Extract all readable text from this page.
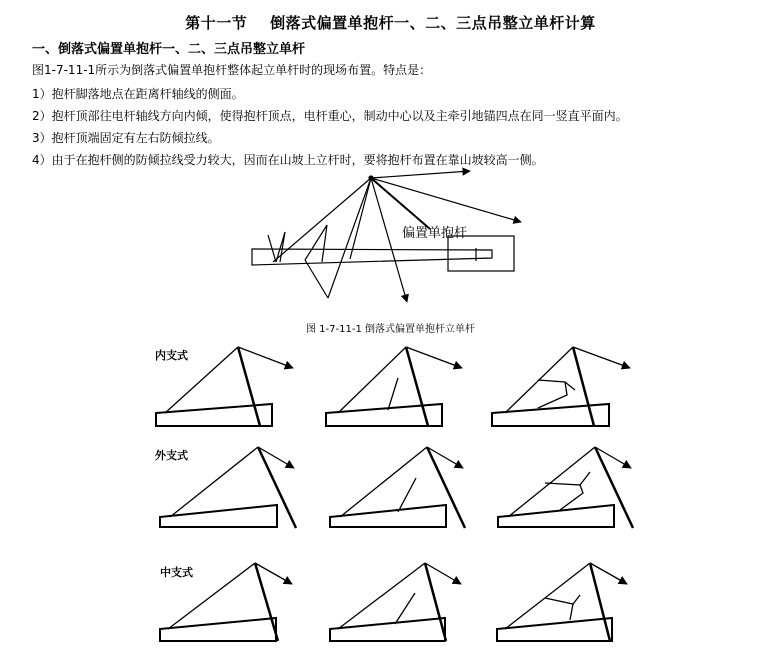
第十一节    倒落式偏置单抱杆一、二、三点吊整立单杆计算
一、倒落式偏置单抱杆一、二、三点吊整立单杆
图1-7-11-1所示为倒落式偏置单抱杆整体起立单杆时的现场布置。特点是：
1）抱杆脚落地点在距离杆轴线的侧面。
2）抱杆顶部往电杆轴线方向内倾，使得抱杆顶点，电杆重心，制动中心以及主牵引地锚四点在同一竖直平面内。
3）抱杆顶端固定有左右防倾拉线。
4）由于在抱杆侧的防倾拉线受力较大，因而在山坡上立杆时，要将抱杆布置在靠山坡较高一侧。
偏置单抱杆
图 1-7-11-1 倒落式偏置单抱杆立单杆
内支式
外支式
中支式
